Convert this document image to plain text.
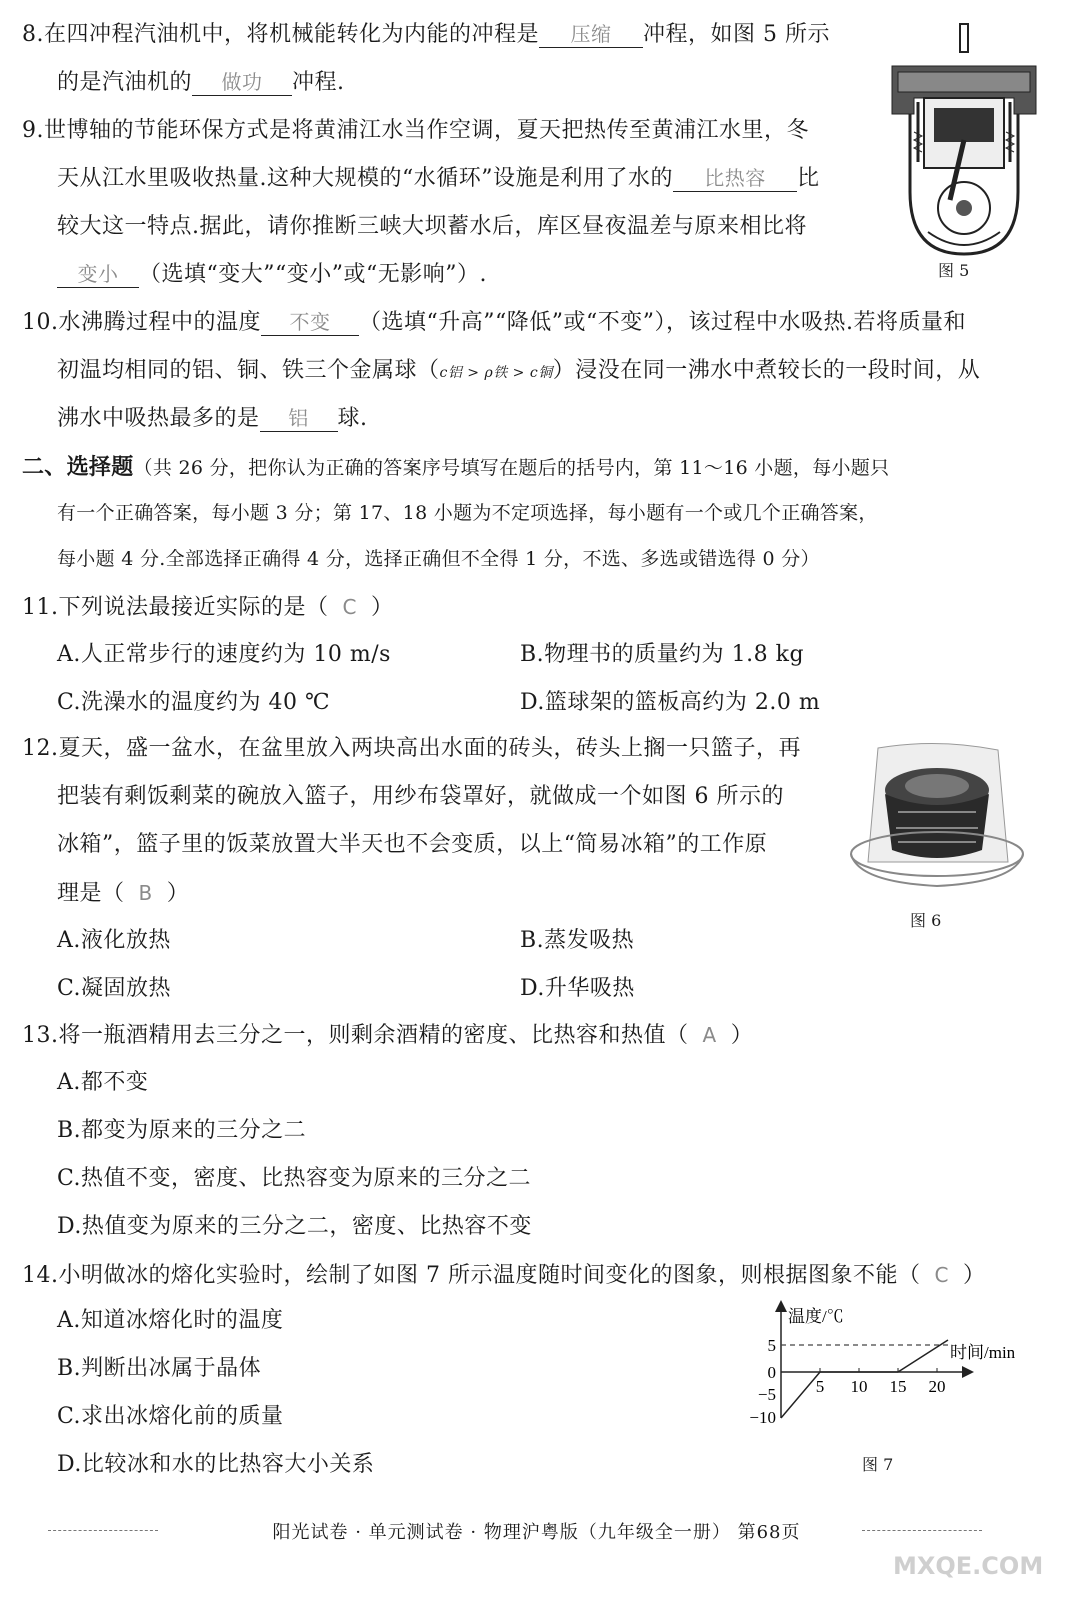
8.在四冲程汽油机中，将机械能转化为内能的冲程是 压缩 冲程，如图 5 所示
的是汽油机的 做功 冲程.
图 5
9.世博轴的节能环保方式是将黄浦江水当作空调，夏天把热传至黄浦江水里，冬
天从江水里吸收热量.这种大规模的“水循环”设施是利用了水的 比热容 比
较大这一特点.据此，请你推断三峡大坝蓄水后，库区昼夜温差与原来相比将
变小 （选填“变大”“变小”或“无影响”）.
10.水沸腾过程中的温度 不变 （选填“升高”“降低”或“不变”），该过程中水吸热.若将质量和
初温均相同的铝、铜、铁三个金属球（c铝 > ρ铁 > c铜）浸没在同一沸水中煮较长的一段时间，从
沸水中吸热最多的是 铝 球.
二、选择题（共 26 分，把你认为正确的答案序号填写在题后的括号内，第 11～16 小题，每小题只
有一个正确答案，每小题 3 分；第 17、18 小题为不定项选择，每小题有一个或几个正确答案，
每小题 4 分.全部选择正确得 4 分，选择正确但不全得 1 分，不选、多选或错选得 0 分）
11.下列说法最接近实际的是（ C ）
A.人正常步行的速度约为 10 m/s	B.物理书的质量约为 1.8 kg
C.洗澡水的温度约为 40 ℃	D.篮球架的篮板高约为 2.0 m
12.夏天，盛一盆水，在盆里放入两块高出水面的砖头，砖头上搁一只篮子，再
把装有剩饭剩菜的碗放入篮子，用纱布袋罩好，就做成一个如图 6 所示的
冰箱”，篮子里的饭菜放置大半天也不会变质，以上“简易冰箱”的工作原
理是（ B ）
A.液化放热	B.蒸发吸热
C.凝固放热	D.升华吸热
图 6
13.将一瓶酒精用去三分之一，则剩余酒精的密度、比热容和热值（ A ）
A.都不变
B.都变为原来的三分之二
C.热值不变，密度、比热容变为原来的三分之二
D.热值变为原来的三分之二，密度、比热容不变
14.小明做冰的熔化实验时，绘制了如图 7 所示温度随时间变化的图象，则根据图象不能（ C ）
A.知道冰熔化时的温度
B.判断出冰属于晶体
C.求出冰熔化前的质量
D.比较冰和水的比热容大小关系
温度/℃
时间/min
5
0
−5
−10
5 10 15 20
图 7
阳光试卷 · 单元测试卷 · 物理沪粤版（九年级全一册） 第68页
MXQE.COM
